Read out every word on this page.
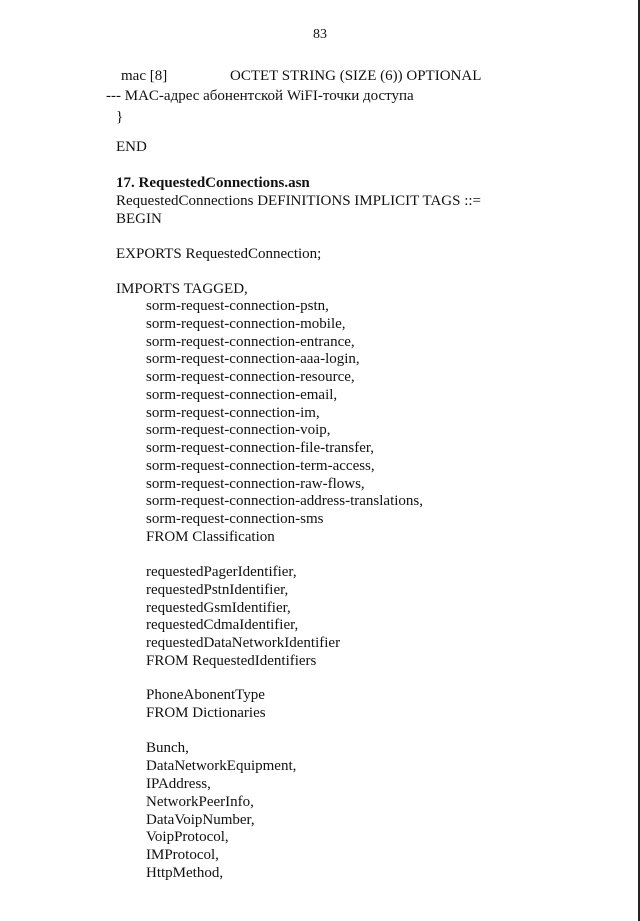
83
mac [8]	OCTET STRING (SIZE (6)) OPTIONAL
--- MAC-адрес абонентской WiFI-точки доступа
}
END
17. RequestedConnections.asn
RequestedConnections DEFINITIONS IMPLICIT TAGS ::=
BEGIN
EXPORTS RequestedConnection;
IMPORTS TAGGED,
sorm-request-connection-pstn,
sorm-request-connection-mobile,
sorm-request-connection-entrance,
sorm-request-connection-aaa-login,
sorm-request-connection-resource,
sorm-request-connection-email,
sorm-request-connection-im,
sorm-request-connection-voip,
sorm-request-connection-file-transfer,
sorm-request-connection-term-access,
sorm-request-connection-raw-flows,
sorm-request-connection-address-translations,
sorm-request-connection-sms
FROM Classification
requestedPagerIdentifier,
requestedPstnIdentifier,
requestedGsmIdentifier,
requestedCdmaIdentifier,
requestedDataNetworkIdentifier
FROM RequestedIdentifiers
PhoneAbonentType
FROM Dictionaries
Bunch,
DataNetworkEquipment,
IPAddress,
NetworkPeerInfo,
DataVoipNumber,
VoipProtocol,
IMProtocol,
HttpMethod,
